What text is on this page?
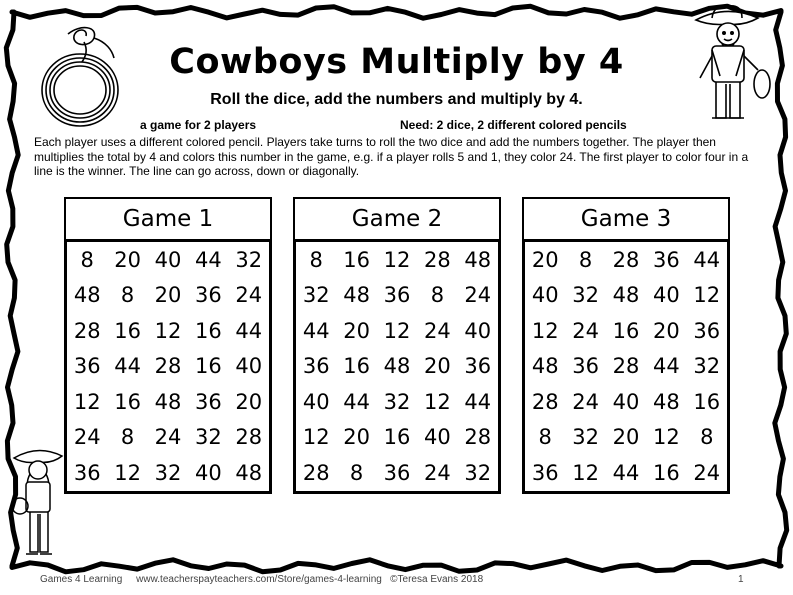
Cowboys Multiply by 4
Roll the dice, add the numbers and multiply by 4.
a game for 2 players	Need: 2 dice, 2 different colored pencils
Each player uses a different colored pencil. Players take turns to roll the two dice and add the numbers together. The player then multiplies the total by 4 and colors this number in the game, e.g. if a player rolls 5 and 1, they color 24. The first player to color four in a line is the winner. The line can go across, down or diagonally.
Game 1
8 20 40 44 32
48 8 20 36 24
28 16 12 16 44
36 44 28 16 40
12 16 48 36 20
24 8 24 32 28
36 12 32 40 48
Game 2
8 16 12 28 48
32 48 36 8 24
44 20 12 24 40
36 16 48 20 36
40 44 32 12 44
12 20 16 40 28
28 8 36 24 32
Game 3
20 8 28 36 44
40 32 48 40 12
12 24 16 20 36
48 36 28 44 32
28 24 40 48 16
8 32 20 12 8
36 12 44 16 24
Games 4 Learning     www.teacherspayteachers.com/Store/games-4-learning   ©Teresa Evans 2018	1
